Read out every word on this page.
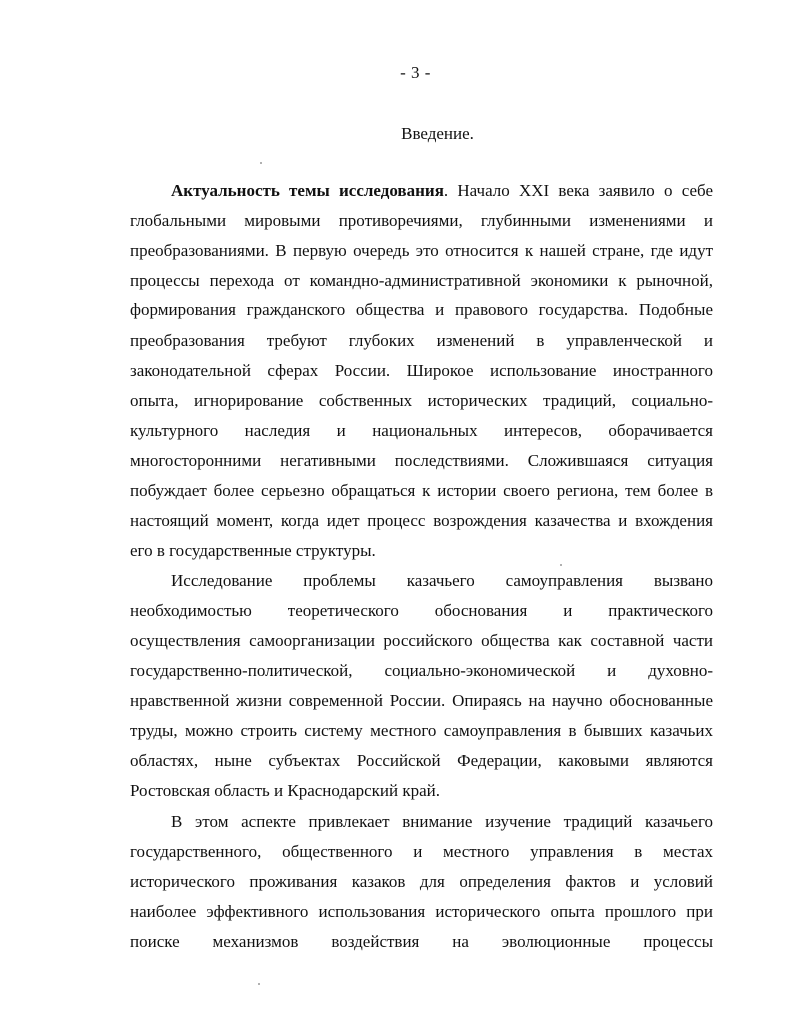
- 3 -
Введение.
Актуальность темы исследования. Начало XXI века заявило о себе
глобальными мировыми противоречиями, глубинными изменениями и
преобразованиями. В первую очередь это относится к нашей стране, где идут
процессы перехода от командно-административной экономики к рыночной,
формирования гражданского общества и правового государства. Подобные
преобразования требуют глубоких изменений в управленческой и
законодательной сферах России. Широкое использование иностранного
опыта, игнорирование собственных исторических традиций, социально-
культурного наследия и национальных интересов, оборачивается
многосторонними негативными последствиями. Сложившаяся ситуация
побуждает более серьезно обращаться к истории своего региона, тем более в
настоящий момент, когда идет процесс возрождения казачества и вхождения
его в государственные структуры.
Исследование проблемы казачьего самоуправления вызвано
необходимостью теоретического обоснования и практического
осуществления самоорганизации российского общества как составной части
государственно-политической, социально-экономической и духовно-
нравственной жизни современной России. Опираясь на научно обоснованные
труды, можно строить систему местного самоуправления в бывших казачьих
областях, ныне субъектах Российской Федерации, каковыми являются
Ростовская область и Краснодарский край.
В этом аспекте привлекает внимание изучение традиций казачьего
государственного, общественного и местного управления в местах
исторического проживания казаков для определения фактов и условий
наиболее эффективного использования исторического опыта прошлого при
поиске механизмов воздействия на эволюционные процессы
